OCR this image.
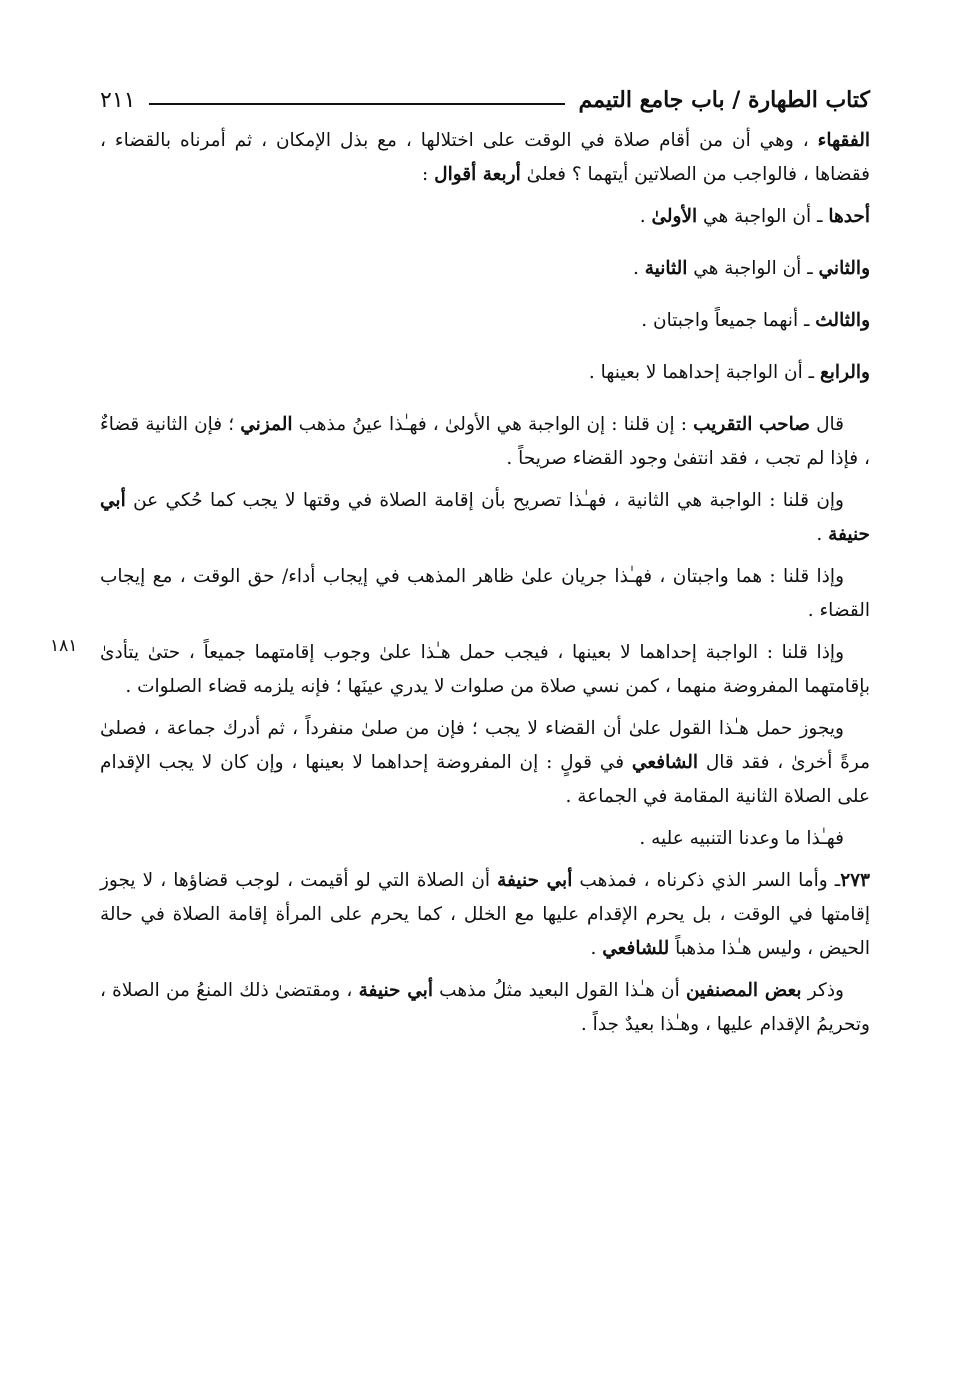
كتاب الطهارة / باب جامع التيمم
٢١١
١٨١

الفقهاء ، وهي أن من أقام صلاة في الوقت على اختلالها ، مع بذل الإمكان ، ثم أمرناه بالقضاء ، فقضاها ، فالواجب من الصلاتين أيتهما ؟ فعلىٰ أربعة أقوال :

أحدها ـ أن الواجبة هي الأولىٰ .

والثاني ـ أن الواجبة هي الثانية .

والثالث ـ أنهما جميعاً واجبتان .

والرابع ـ أن الواجبة إحداهما لا بعينها .

قال صاحب التقريب : إن قلنا : إن الواجبة هي الأولىٰ ، فهـٰذا عينُ مذهب المزني ؛ فإن الثانية قضاءٌ ، فإذا لم تجب ، فقد انتفىٰ وجود القضاء صريحاً .

وإن قلنا : الواجبة هي الثانية ، فهـٰذا تصريح بأن إقامة الصلاة في وقتها لا يجب كما حُكي عن أبي حنيفة .

وإذا قلنا : هما واجبتان ، فهـٰذا جريان علىٰ ظاهر المذهب في إيجاب أداء/ حق الوقت ، مع إيجاب القضاء .

وإذا قلنا : الواجبة إحداهما لا بعينها ، فيجب حمل هـٰذا علىٰ وجوب إقامتهما جميعاً ، حتىٰ يتأدىٰ بإقامتهما المفروضة منهما ، كمن نسي صلاة من صلوات لا يدري عينَها ؛ فإنه يلزمه قضاء الصلوات .

ويجوز حمل هـٰذا القول علىٰ أن القضاء لا يجب ؛ فإن من صلىٰ منفرداً ، ثم أدرك جماعة ، فصلىٰ مرةً أخرىٰ ، فقد قال الشافعي في قولٍ : إن المفروضة إحداهما لا بعينها ، وإن كان لا يجب الإقدام على الصلاة الثانية المقامة في الجماعة .

فهـٰذا ما وعدنا التنبيه عليه .

٢٧٣ـ وأما السر الذي ذكرناه ، فمذهب أبي حنيفة أن الصلاة التي لو أقيمت ، لوجب قضاؤها ، لا يجوز إقامتها في الوقت ، بل يحرم الإقدام عليها مع الخلل ، كما يحرم على المرأة إقامة الصلاة في حالة الحيض ، وليس هـٰذا مذهباً للشافعي .

وذكر بعض المصنفين أن هـٰذا القول البعيد مثلُ مذهب أبي حنيفة ، ومقتضىٰ ذلك المنعُ من الصلاة ، وتحريمُ الإقدام عليها ، وهـٰذا بعيدٌ جداً .
